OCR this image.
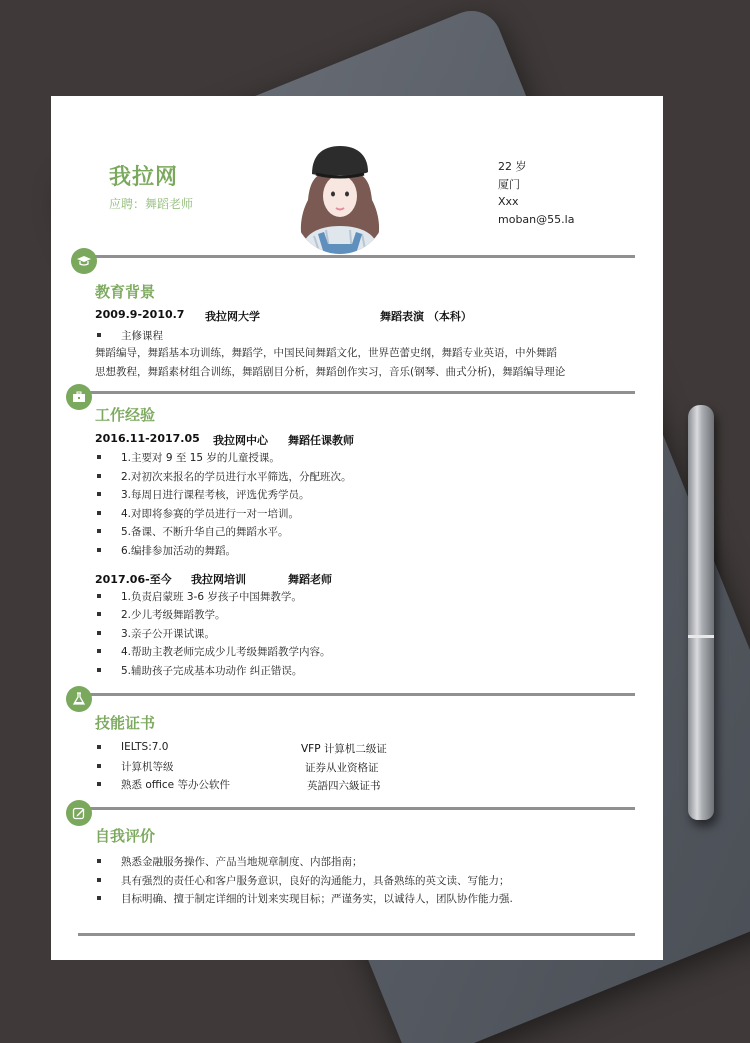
我拉网
应聘：舞蹈老师
22 岁
厦门
Xxx
moban@55.la
教育背景
2009.9-2010.7 我拉网大学	舞蹈表演 （本科）
主修课程
舞蹈编导，舞蹈基本功训练，舞蹈学，中国民间舞蹈文化，世界芭蕾史纲，舞蹈专业英语，中外舞蹈
思想教程，舞蹈素材组合训练，舞蹈剧目分析，舞蹈创作实习，音乐(钢琴、曲式分析)，舞蹈编导理论
工作经验
2016.11-2017.05 我拉网中心 舞蹈任课教师
1.主要对 9 至 15 岁的儿童授课。
2.对初次来报名的学员进行水平筛选，分配班次。
3.每周日进行课程考核，评选优秀学员。
4.对即将参赛的学员进行一对一培训。
5.备课、不断升华自己的舞蹈水平。
6.编排参加活动的舞蹈。
2017.06-至今 我拉网培训	舞蹈老师
1.负责启蒙班 3-6 岁孩子中国舞教学。
2.少儿考级舞蹈教学。
3.亲子公开课试课。
4.帮助主教老师完成少儿考级舞蹈教学内容。
5.辅助孩子完成基本功动作 纠正错误。
技能证书
IELTS:7.0
计算机等级
熟悉 office 等办公软件
VFP 计算机二级证
证券从业资格证
英語四六級证书
自我评价
熟悉金融服务操作、产品当地规章制度、内部指南；
具有强烈的责任心和客户服务意识，良好的沟通能力，具备熟练的英文读、写能力；
目标明确、擅于制定详细的计划来实现目标；严谨务实，以诚待人，团队协作能力强.
